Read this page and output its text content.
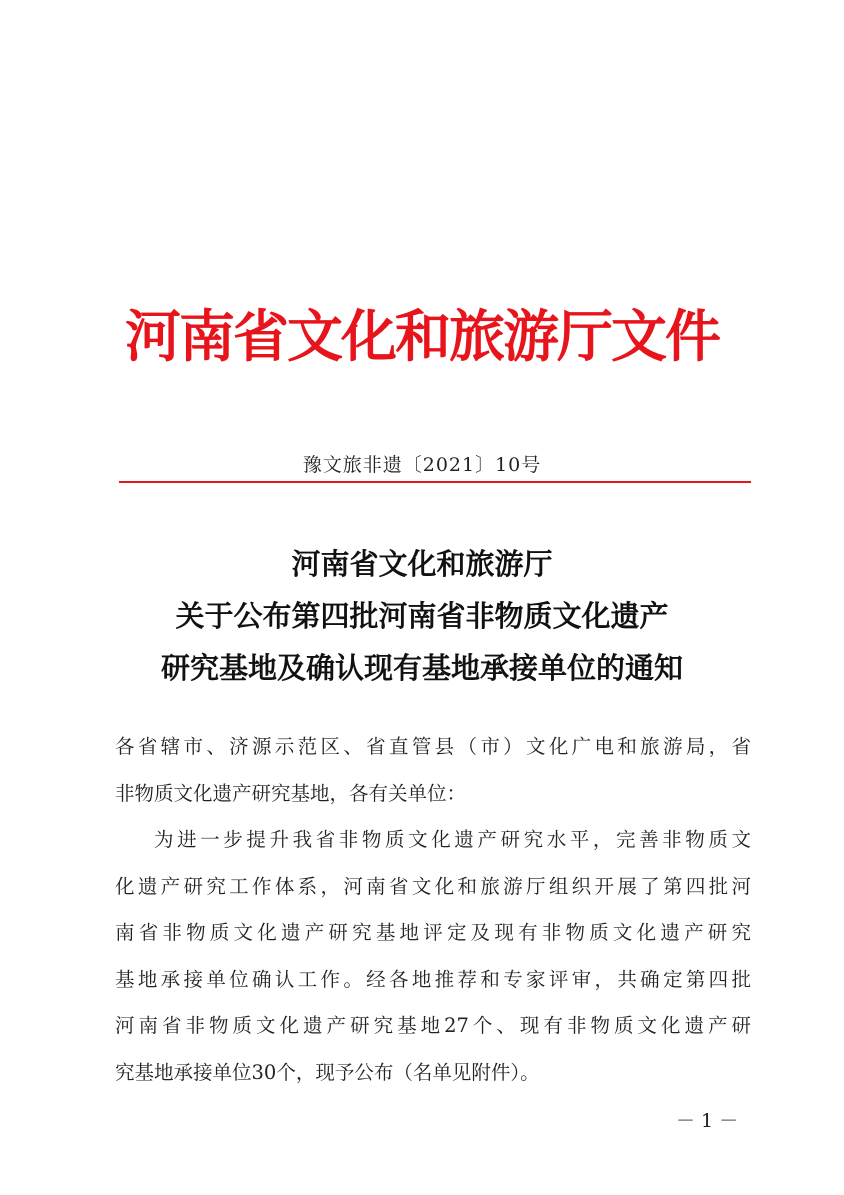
河南省文化和旅游厅文件
豫文旅非遗〔2021〕10号
河南省文化和旅游厅
关于公布第四批河南省非物质文化遗产
研究基地及确认现有基地承接单位的通知
各省辖市、济源示范区、省直管县（市）文化广电和旅游局，省
非物质文化遗产研究基地，各有关单位：
为进一步提升我省非物质文化遗产研究水平，完善非物质文
化遗产研究工作体系，河南省文化和旅游厅组织开展了第四批河
南省非物质文化遗产研究基地评定及现有非物质文化遗产研究
基地承接单位确认工作。经各地推荐和专家评审，共确定第四批
河南省非物质文化遗产研究基地27个、现有非物质文化遗产研
究基地承接单位30个，现予公布（名单见附件）。
－ 1 －
